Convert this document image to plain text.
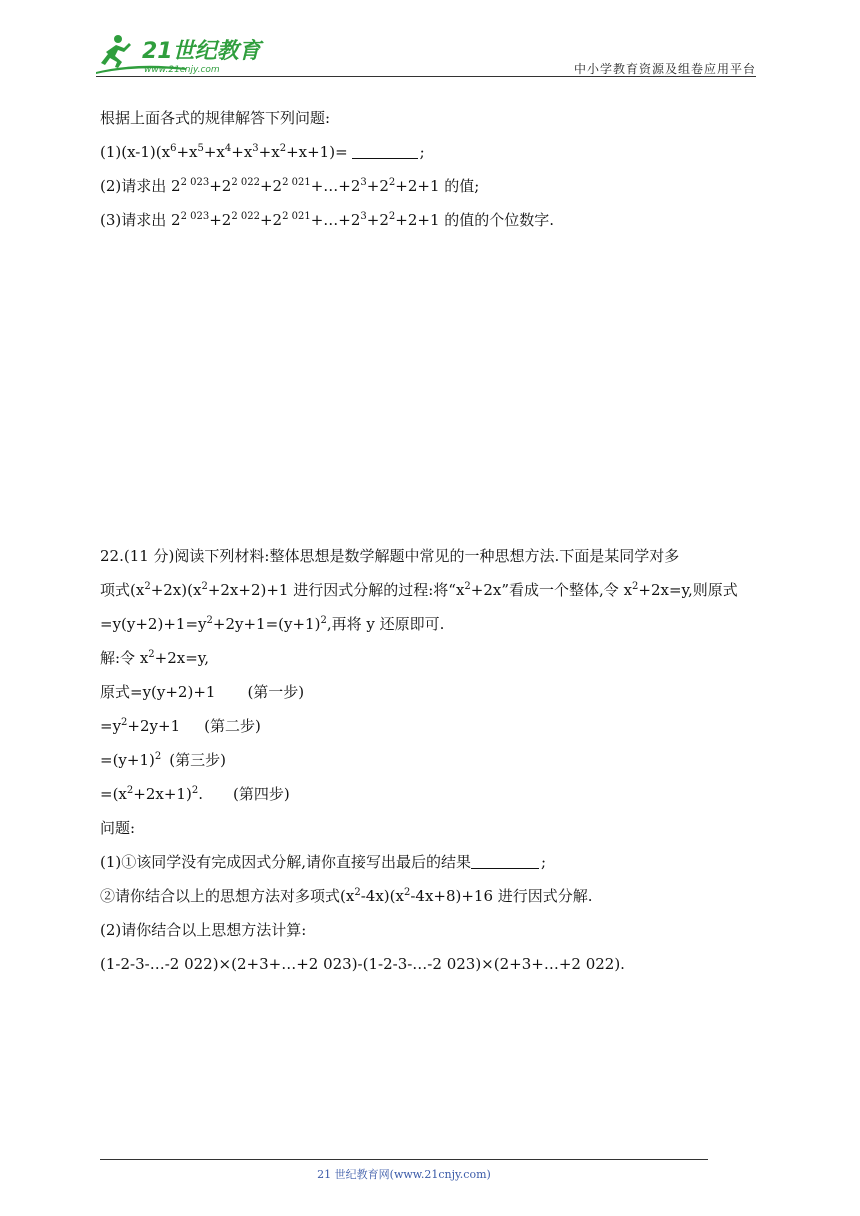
21世纪教育
www.21cnjy.com	中小学教育资源及组卷应用平台
根据上面各式的规律解答下列问题:
$(1)(x-1)(x^6+x^5+x^4+x^3+x^2+x+1)=$	;
(2)请求出 $2^{2 023}+2^{2 022}+2^{2 021}+\dots+2^3+2^2+2+1$ 的值;
(3)请求出 $2^{2 023}+2^{2 022}+2^{2 021}+\dots+2^3+2^2+2+1$ 的值的个位数字.
22.(11 分)阅读下列材料:整体思想是数学解题中常见的一种思想方法.下面是某同学对多
项式$(x^2+2x)(x^2+2x+2)+1$ 进行因式分解的过程:将“$x^2+2x$”看成一个整体,令 $x^2+2x=y$,则原式
$=y(y+2)+1=y^2+2y+1=(y+1)^2$,再将 y 还原即可.
解:令 $x^2+2x=y$,
原式=y(y+2)+1 (第一步)
$=y^2+2y+1$ (第二步)
$=(y+1)^2$ (第三步)
$=(x^2+2x+1)^2$. (第四步)
问题:
(1)①该同学没有完成因式分解,请你直接写出最后的结果	;
②请你结合以上的思想方法对多项式$(x^2-4x)(x^2-4x+8)+16$ 进行因式分解.
(2)请你结合以上思想方法计算:
(1-2-3-…-2 022)×(2+3+…+2 023)-(1-2-3-…-2 023)×(2+3+…+2 022).
21 世纪教育网(www.21cnjy.com)
